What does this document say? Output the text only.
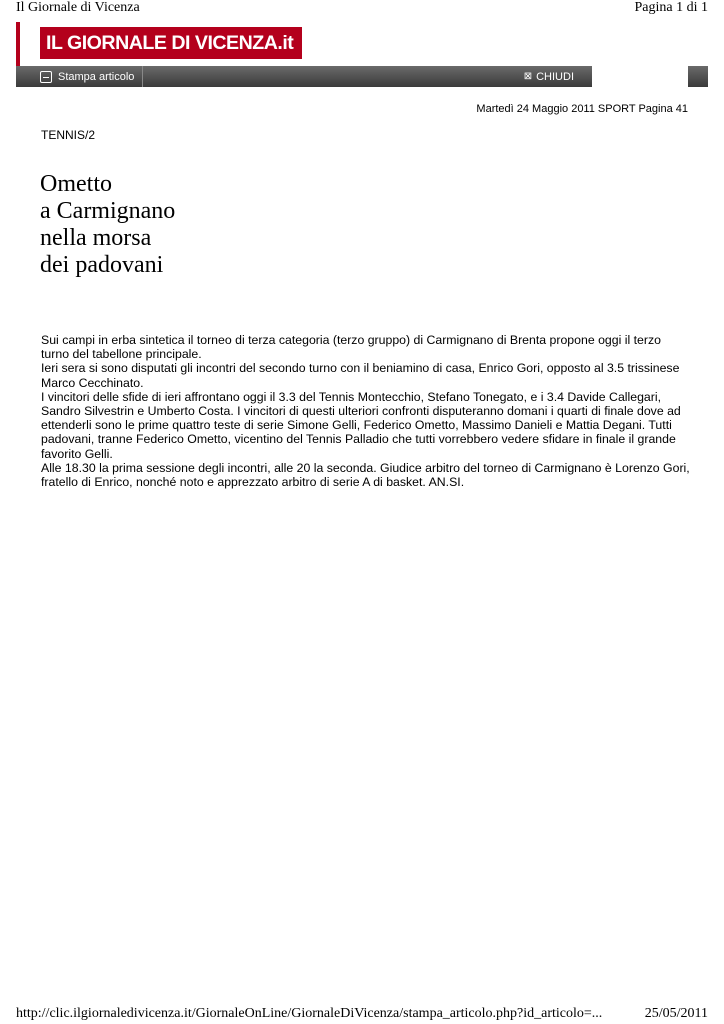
Il Giornale di Vicenza	Pagina 1 di 1
IL GIORNALE DI VICENZA.it
Stampa articolo	⊠ CHIUDI
Martedì 24 Maggio 2011 SPORT Pagina 41
TENNIS/2
Ometto
a Carmignano
nella morsa
dei padovani

Sui campi in erba sintetica il torneo di terza categoria (terzo gruppo) di Carmignano di Brenta propone oggi il terzo turno del tabellone principale.

Ieri sera si sono disputati gli incontri del secondo turno con il beniamino di casa, Enrico Gori, opposto al 3.5 trissinese Marco Cecchinato.

I vincitori delle sfide di ieri affrontano oggi il 3.3 del Tennis Montecchio, Stefano Tonegato, e i 3.4 Davide Callegari, Sandro Silvestrin e Umberto Costa. I vincitori di questi ulteriori confronti disputeranno domani i quarti di finale dove ad ettenderli sono le prime quattro teste di serie Simone Gelli, Federico Ometto, Massimo Danieli e Mattia Degani. Tutti padovani, tranne Federico Ometto, vicentino del Tennis Palladio che tutti vorrebbero vedere sfidare in finale il grande favorito Gelli.

Alle 18.30 la prima sessione degli incontri, alle 20 la seconda. Giudice arbitro del torneo di Carmignano è Lorenzo Gori, fratello di Enrico, nonché noto e apprezzato arbitro di serie A di basket. AN.SI.

http://clic.ilgiornaledivicenza.it/GiornaleOnLine/GiornaleDiVicenza/stampa_articolo.php?id_articolo=...	25/05/2011
